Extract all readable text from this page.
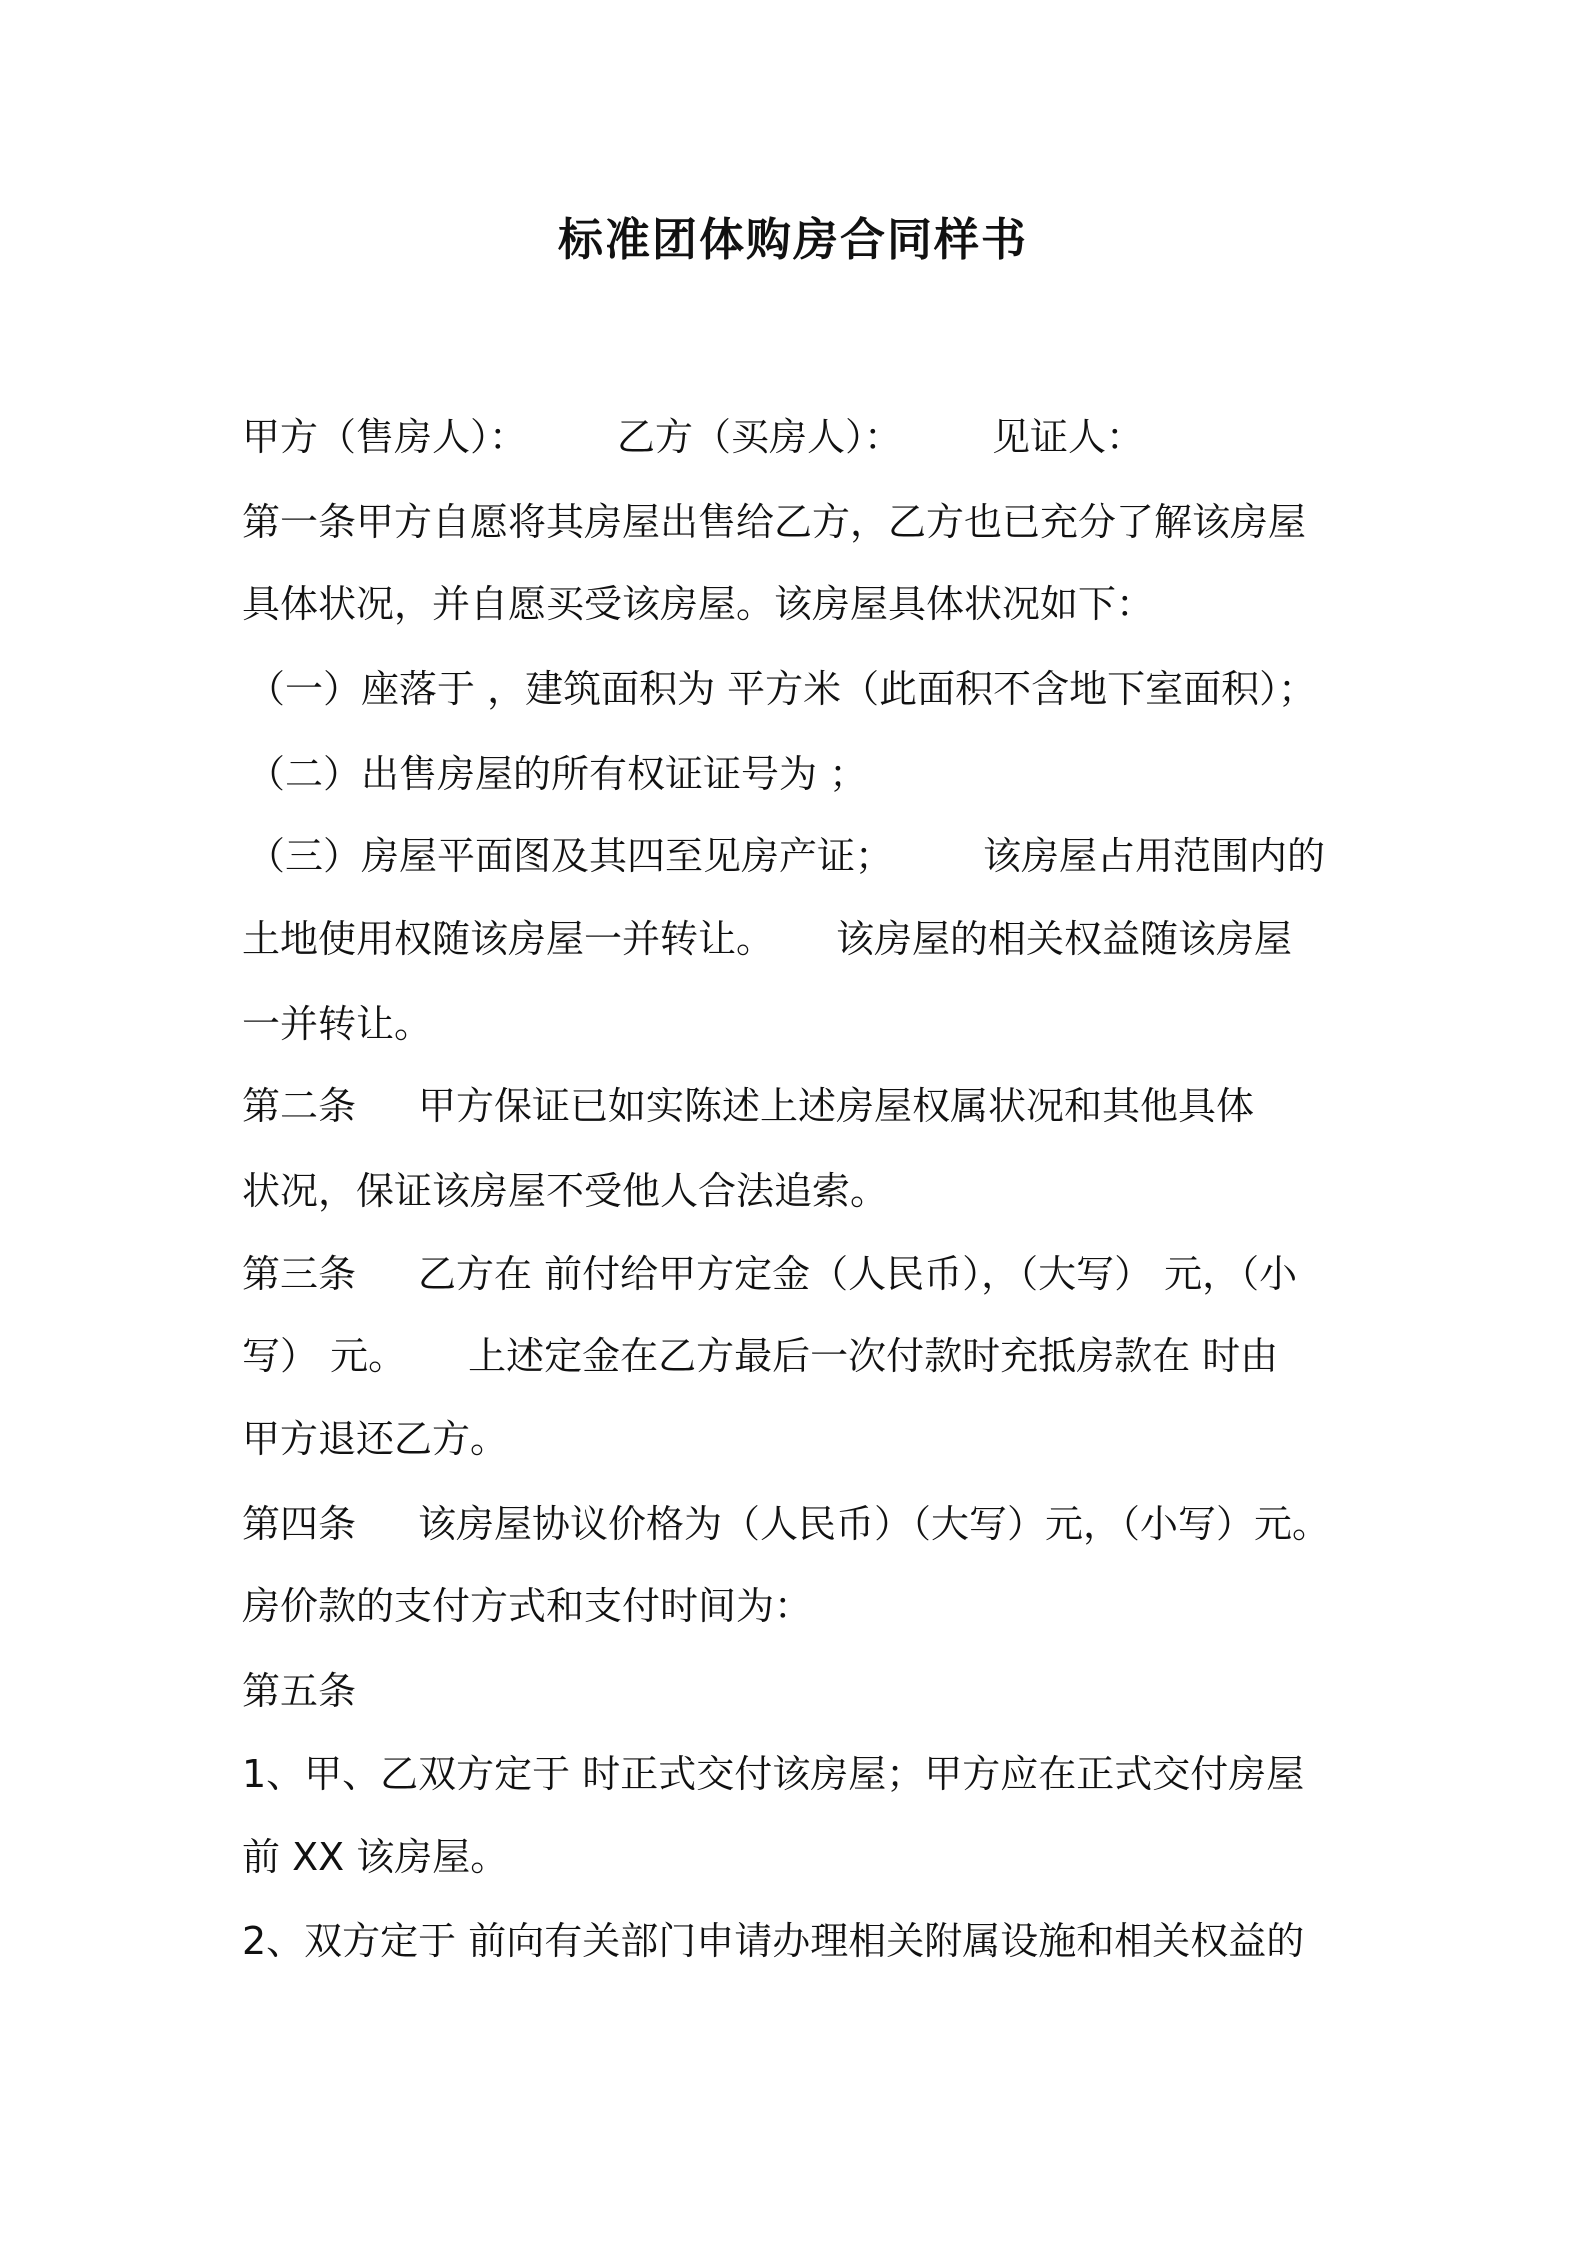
标准团体购房合同样书
甲方（售房人）： 乙方（买房人）： 见证人：
第一条甲方自愿将其房屋出售给乙方，乙方也已充分了解该房屋
具体状况，并自愿买受该房屋。该房屋具体状况如下：
（一）座落于 ，建筑面积为 平方米（此面积不含地下室面积）；
（二）出售房屋的所有权证证号为 ；
（三）房屋平面图及其四至见房产证； 该房屋占用范围内的
土地使用权随该房屋一并转让。 该房屋的相关权益随该房屋
一并转让。
第二条 甲方保证已如实陈述上述房屋权属状况和其他具体
状况，保证该房屋不受他人合法追索。
第三条 乙方在 前付给甲方定金（人民币），（大写） 元，（小
写） 元。 上述定金在乙方最后一次付款时充抵房款在 时由
甲方退还乙方。
第四条 该房屋协议价格为（人民币）（大写）元，（小写）元。
房价款的支付方式和支付时间为：
第五条
1、甲、乙双方定于 时正式交付该房屋；甲方应在正式交付房屋
前 XX 该房屋。
2、双方定于 前向有关部门申请办理相关附属设施和相关权益的
